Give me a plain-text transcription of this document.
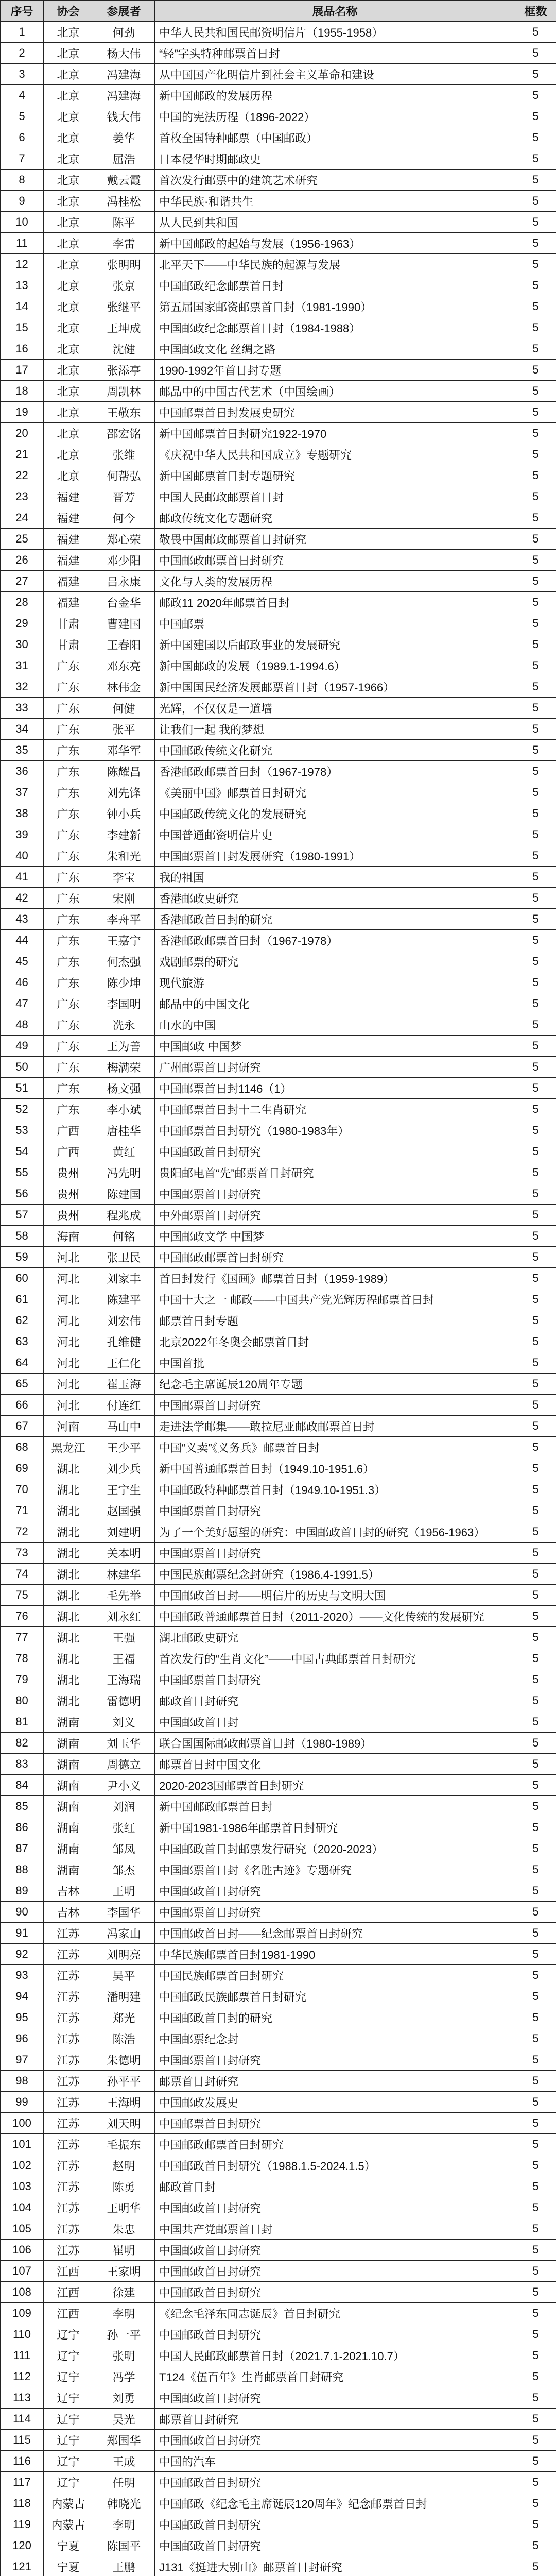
序号	协会	参展者	展品名称	框数
1	北京	何劲	中华人民共和国民邮资明信片（1955-1958）	5
2	北京	杨大伟	“轻”字头特种邮票首日封	5
3	北京	冯建海	从中国国产化明信片到社会主义革命和建设	5
4	北京	冯建海	新中国邮政的发展历程	5
5	北京	钱大伟	中国的宪法历程（1896-2022）	5
6	北京	姜华	首枚全国特种邮票（中国邮政）	5
7	北京	屈浩	日本侵华时期邮政史	5
8	北京	戴云霞	首次发行邮票中的建筑艺术研究	5
9	北京	冯桂松	中华民族·和谐共生	5
10	北京	陈平	从人民到共和国	5
11	北京	李雷	新中国邮政的起始与发展（1956-1963）	5
12	北京	张明明	北平天下——中华民族的起源与发展	5
13	北京	张京	中国邮政纪念邮票首日封	5
14	北京	张继平	第五届国家邮资邮票首日封（1981-1990）	5
15	北京	王坤成	中国邮政纪念邮票首日封（1984-1988）	5
16	北京	沈健	中国邮政文化 丝绸之路	5
17	北京	张添亭	1990-1992年首日封专题	5
18	北京	周凯林	邮品中的中国古代艺术（中国绘画）	5
19	北京	王敬东	中国邮票首日封发展史研究	5
20	北京	邵宏铭	新中国邮票首日封研究1922-1970	5
21	北京	张维	《庆祝中华人民共和国成立》专题研究	5
22	北京	何帮弘	新中国邮票首日封专题研究	5
23	福建	晋芳	中国人民邮政邮票首日封	5
24	福建	何今	邮政传统文化专题研究	5
25	福建	郑心荣	敬畏中国邮政邮票首日封研究	5
26	福建	邓少阳	中国邮政邮票首日封研究	5
27	福建	吕永康	文化与人类的发展历程	5
28	福建	台金华	邮政11 2020年邮票首日封	5
29	甘肃	曹建国	中国邮票	5
30	甘肃	王春阳	新中国建国以后邮政事业的发展研究	5
31	广东	邓东亮	新中国邮政的发展（1989.1-1994.6）	5
32	广东	林伟金	新中国国民经济发展邮票首日封（1957-1966）	5
33	广东	何健	光辉，不仅仅是一道墙	5
34	广东	张平	让我们一起 我的梦想	5
35	广东	邓华军	中国邮政传统文化研究	5
36	广东	陈耀昌	香港邮政邮票首日封（1967-1978）	5
37	广东	刘先锋	《美丽中国》邮票首日封研究	5
38	广东	钟小兵	中国邮政传统文化的发展研究	5
39	广东	李建新	中国普通邮资明信片史	5
40	广东	朱和光	中国邮票首日封发展研究（1980-1991）	5
41	广东	李宝	我的祖国	5
42	广东	宋刚	香港邮政史研究	5
43	广东	李舟平	香港邮政首日封的研究	5
44	广东	王嘉宁	香港邮政邮票首日封（1967-1978）	5
45	广东	何杰强	戏剧邮票的研究	5
46	广东	陈少坤	现代旅游	5
47	广东	李国明	邮品中的中国文化	5
48	广东	冼永	山水的中国	5
49	广东	王为善	中国邮政 中国梦	5
50	广东	梅满荣	广州邮票首日封研究	5
51	广东	杨文强	中国邮票首日封1146（1）	5
52	广东	李小斌	中国邮票首日封十二生肖研究	5
53	广西	唐桂华	中国邮票首日封研究（1980-1983年）	5
54	广西	黄红	中国邮政首日封研究	5
55	贵州	冯先明	贵阳邮电首“先”邮票首日封研究	5
56	贵州	陈建国	中国邮票首日封研究	5
57	贵州	程兆成	中外邮票首日封研究	5
58	海南	何铭	中国邮政文学 中国梦	5
59	河北	张卫民	中国邮政邮票首日封研究	5
60	河北	刘家丰	首日封发行《国画》邮票首日封（1959-1989）	5
61	河北	陈建平	中国十大之一 邮政——中国共产党光辉历程邮票首日封	5
62	河北	刘宏伟	邮票首日封专题	5
63	河北	孔维健	北京2022年冬奥会邮票首日封	5
64	河北	王仁化	中国首批	5
65	河北	崔玉海	纪念毛主席诞辰120周年专题	5
66	河北	付连红	中国邮票首日封研究	5
67	河南	马山中	走进法学邮集——敢拉尼亚邮政邮票首日封	5
68	黑龙江	王少平	中国“义卖”《义务兵》邮票首日封	5
69	湖北	刘少兵	新中国普通邮票首日封（1949.10-1951.6）	5
70	湖北	王宁生	中国邮政特种邮票首日封（1949.10-1951.3）	5
71	湖北	赵国强	中国邮票首日封研究	5
72	湖北	刘建明	为了一个美好愿望的研究：中国邮政首日封的研究（1956-1963）	5
73	湖北	关本明	中国邮票首日封研究	5
74	湖北	林建华	中国民族邮票纪念封研究（1986.4-1991.5）	5
75	湖北	毛先举	中国邮政首日封——明信片的历史与文明大国	5
76	湖北	刘永红	中国邮政普通邮票首日封（2011-2020）——文化传统的发展研究	5
77	湖北	王强	湖北邮政史研究	5
78	湖北	王福	首次发行的“生肖文化”——中国古典邮票首日封研究	5
79	湖北	王海瑞	中国邮票首日封研究	5
80	湖北	雷德明	邮政首日封研究	5
81	湖南	刘义	中国邮政首日封	5
82	湖南	刘玉华	联合国国际邮政邮票首日封（1980-1989）	5
83	湖南	周德立	邮票首日封中国文化	5
84	湖南	尹小义	2020-2023国邮票首日封研究	5
85	湖南	刘润	新中国邮政邮票首日封	5
86	湖南	张红	新中国1981-1986年邮票首日封研究	5
87	湖南	邹凤	中国邮政首日封邮票发行研究（2020-2023）	5
88	湖南	邹杰	中国邮票首日封《名胜古迹》专题研究	5
89	吉林	王明	中国邮政首日封研究	5
90	吉林	李国华	中国邮票首日封研究	5
91	江苏	冯家山	中国邮政首日封——纪念邮票首日封研究	5
92	江苏	刘明亮	中华民族邮票首日封1981-1990	5
93	江苏	吴平	中国民族邮票首日封研究	5
94	江苏	潘明建	中国邮政民族邮票首日封研究	5
95	江苏	郑光	中国邮政首日封的研究	5
96	江苏	陈浩	中国邮票纪念封	5
97	江苏	朱德明	中国邮票首日封研究	5
98	江苏	孙平平	邮票首日封研究	5
99	江苏	王海明	中国邮政发展史	5
100	江苏	刘天明	中国邮票首日封研究	5
101	江苏	毛振东	中国邮政邮票首日封研究	5
102	江苏	赵明	中国邮政首日封研究（1988.1.5-2024.1.5）	5
103	江苏	陈勇	邮政首日封	5
104	江苏	王明华	中国邮政首日封研究	5
105	江苏	朱忠	中国共产党邮票首日封	5
106	江苏	崔明	中国邮政首日封研究	5
107	江西	王家明	中国邮政首日封研究	5
108	江西	徐建	中国邮政首日封研究	5
109	江西	李明	《纪念毛泽东同志诞辰》首日封研究	5
110	辽宁	孙一平	中国邮政首日封研究	5
111	辽宁	张明	中国人民邮政邮票首日封（2021.7.1-2021.10.7）	5
112	辽宁	冯学	T124《伍百年》生肖邮票首日封研究	5
113	辽宁	刘勇	中国邮政首日封研究	5
114	辽宁	吴光	邮票首日封研究	5
115	辽宁	郑国华	中国邮政首日封研究	5
116	辽宁	王成	中国的汽车	5
117	辽宁	任明	中国邮政首日封研究	5
118	内蒙古	韩晓光	中国邮政《纪念毛主席诞辰120周年》纪念邮票首日封	5
119	内蒙古	李明	中国邮政首日封研究	5
120	宁夏	陈国平	中国邮政首日封研究	5
121	宁夏	王鹏	J131《挺进大别山》邮票首日封研究	5
